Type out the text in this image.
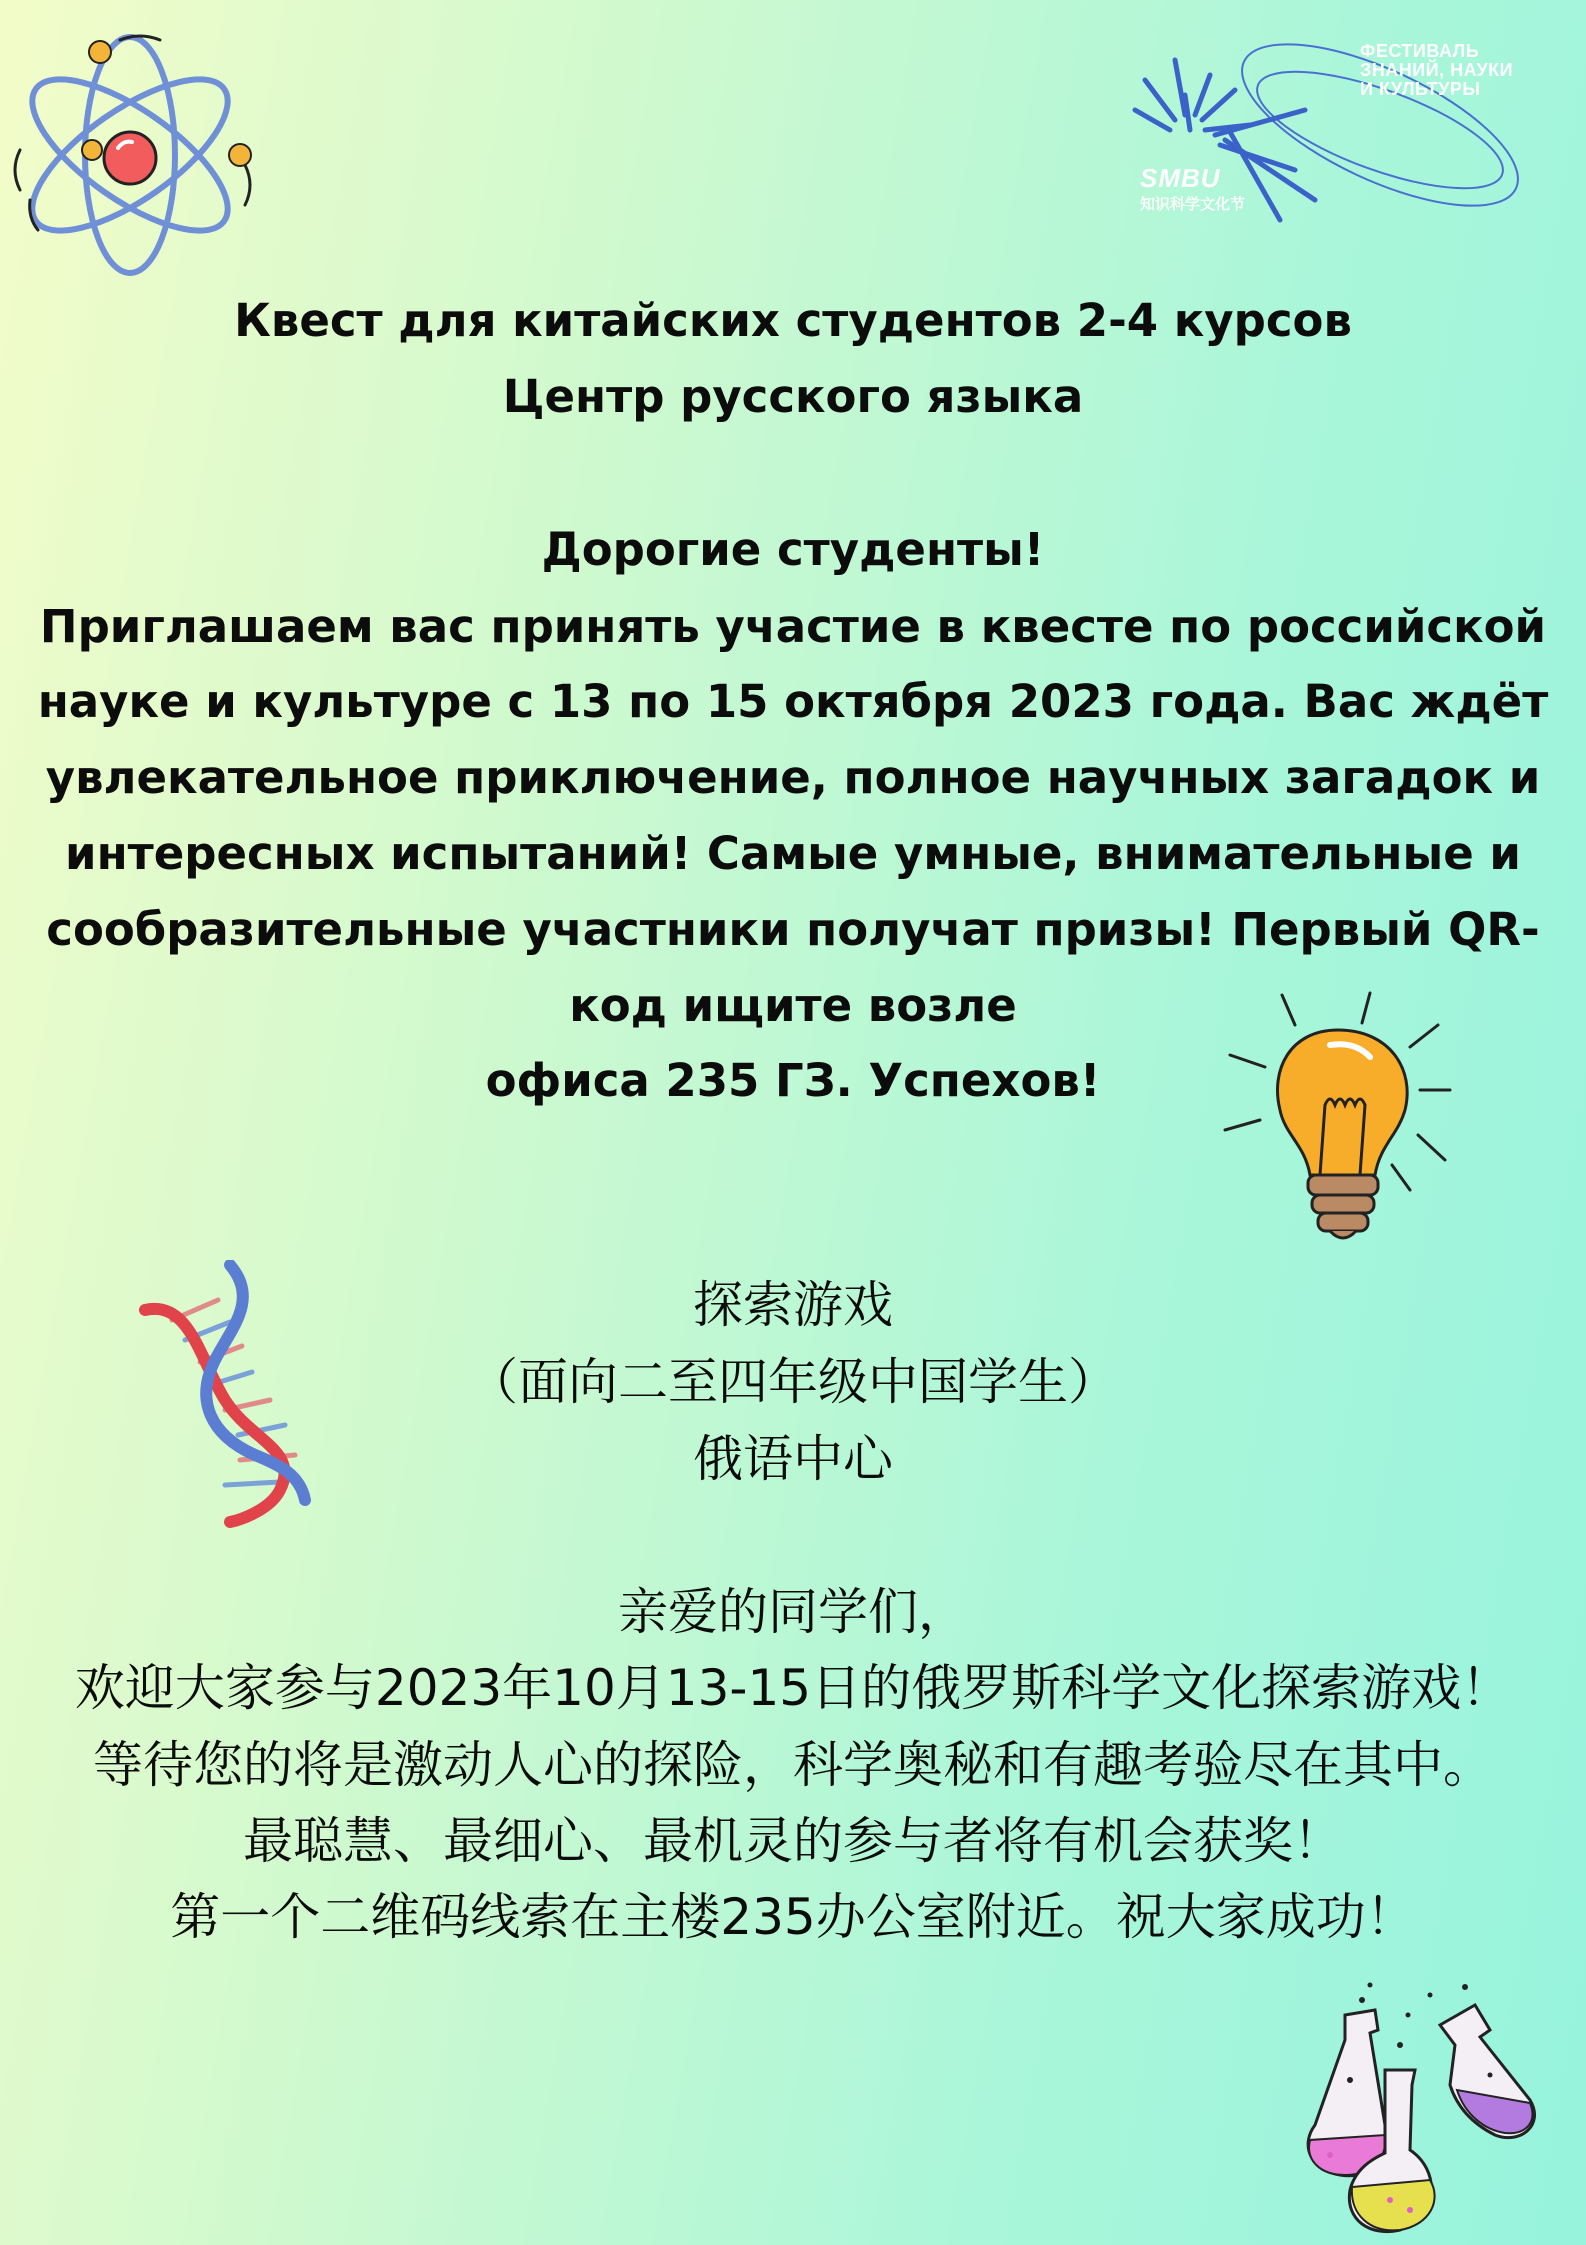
ФЕСТИВАЛЬ
ЗНАНИЙ, НАУКИ
И КУЛЬТУРЫ
SMBU
知识科学文化节
Квест для китайских студентов 2-4 курсов
Центр русского языка
Дорогие студенты!
Приглашаем вас принять участие в квесте по российской
науке и культуре с 13 по 15 октября 2023 года. Вас ждёт
увлекательное приключение, полное научных загадок и
интересных испытаний! Самые умные, внимательные и
сообразительные участники получат призы! Первый QR-
код ищите возле
офиса 235 ГЗ. Успехов!
探索游戏
（面向二至四年级中国学生）
俄语中心
亲爱的同学们，
欢迎大家参与2023年10月13-15日的俄罗斯科学文化探索游戏！
等待您的将是激动人心的探险，科学奥秘和有趣考验尽在其中。
最聪慧、最细心、最机灵的参与者将有机会获奖！
第一个二维码线索在主楼235办公室附近。祝大家成功！
